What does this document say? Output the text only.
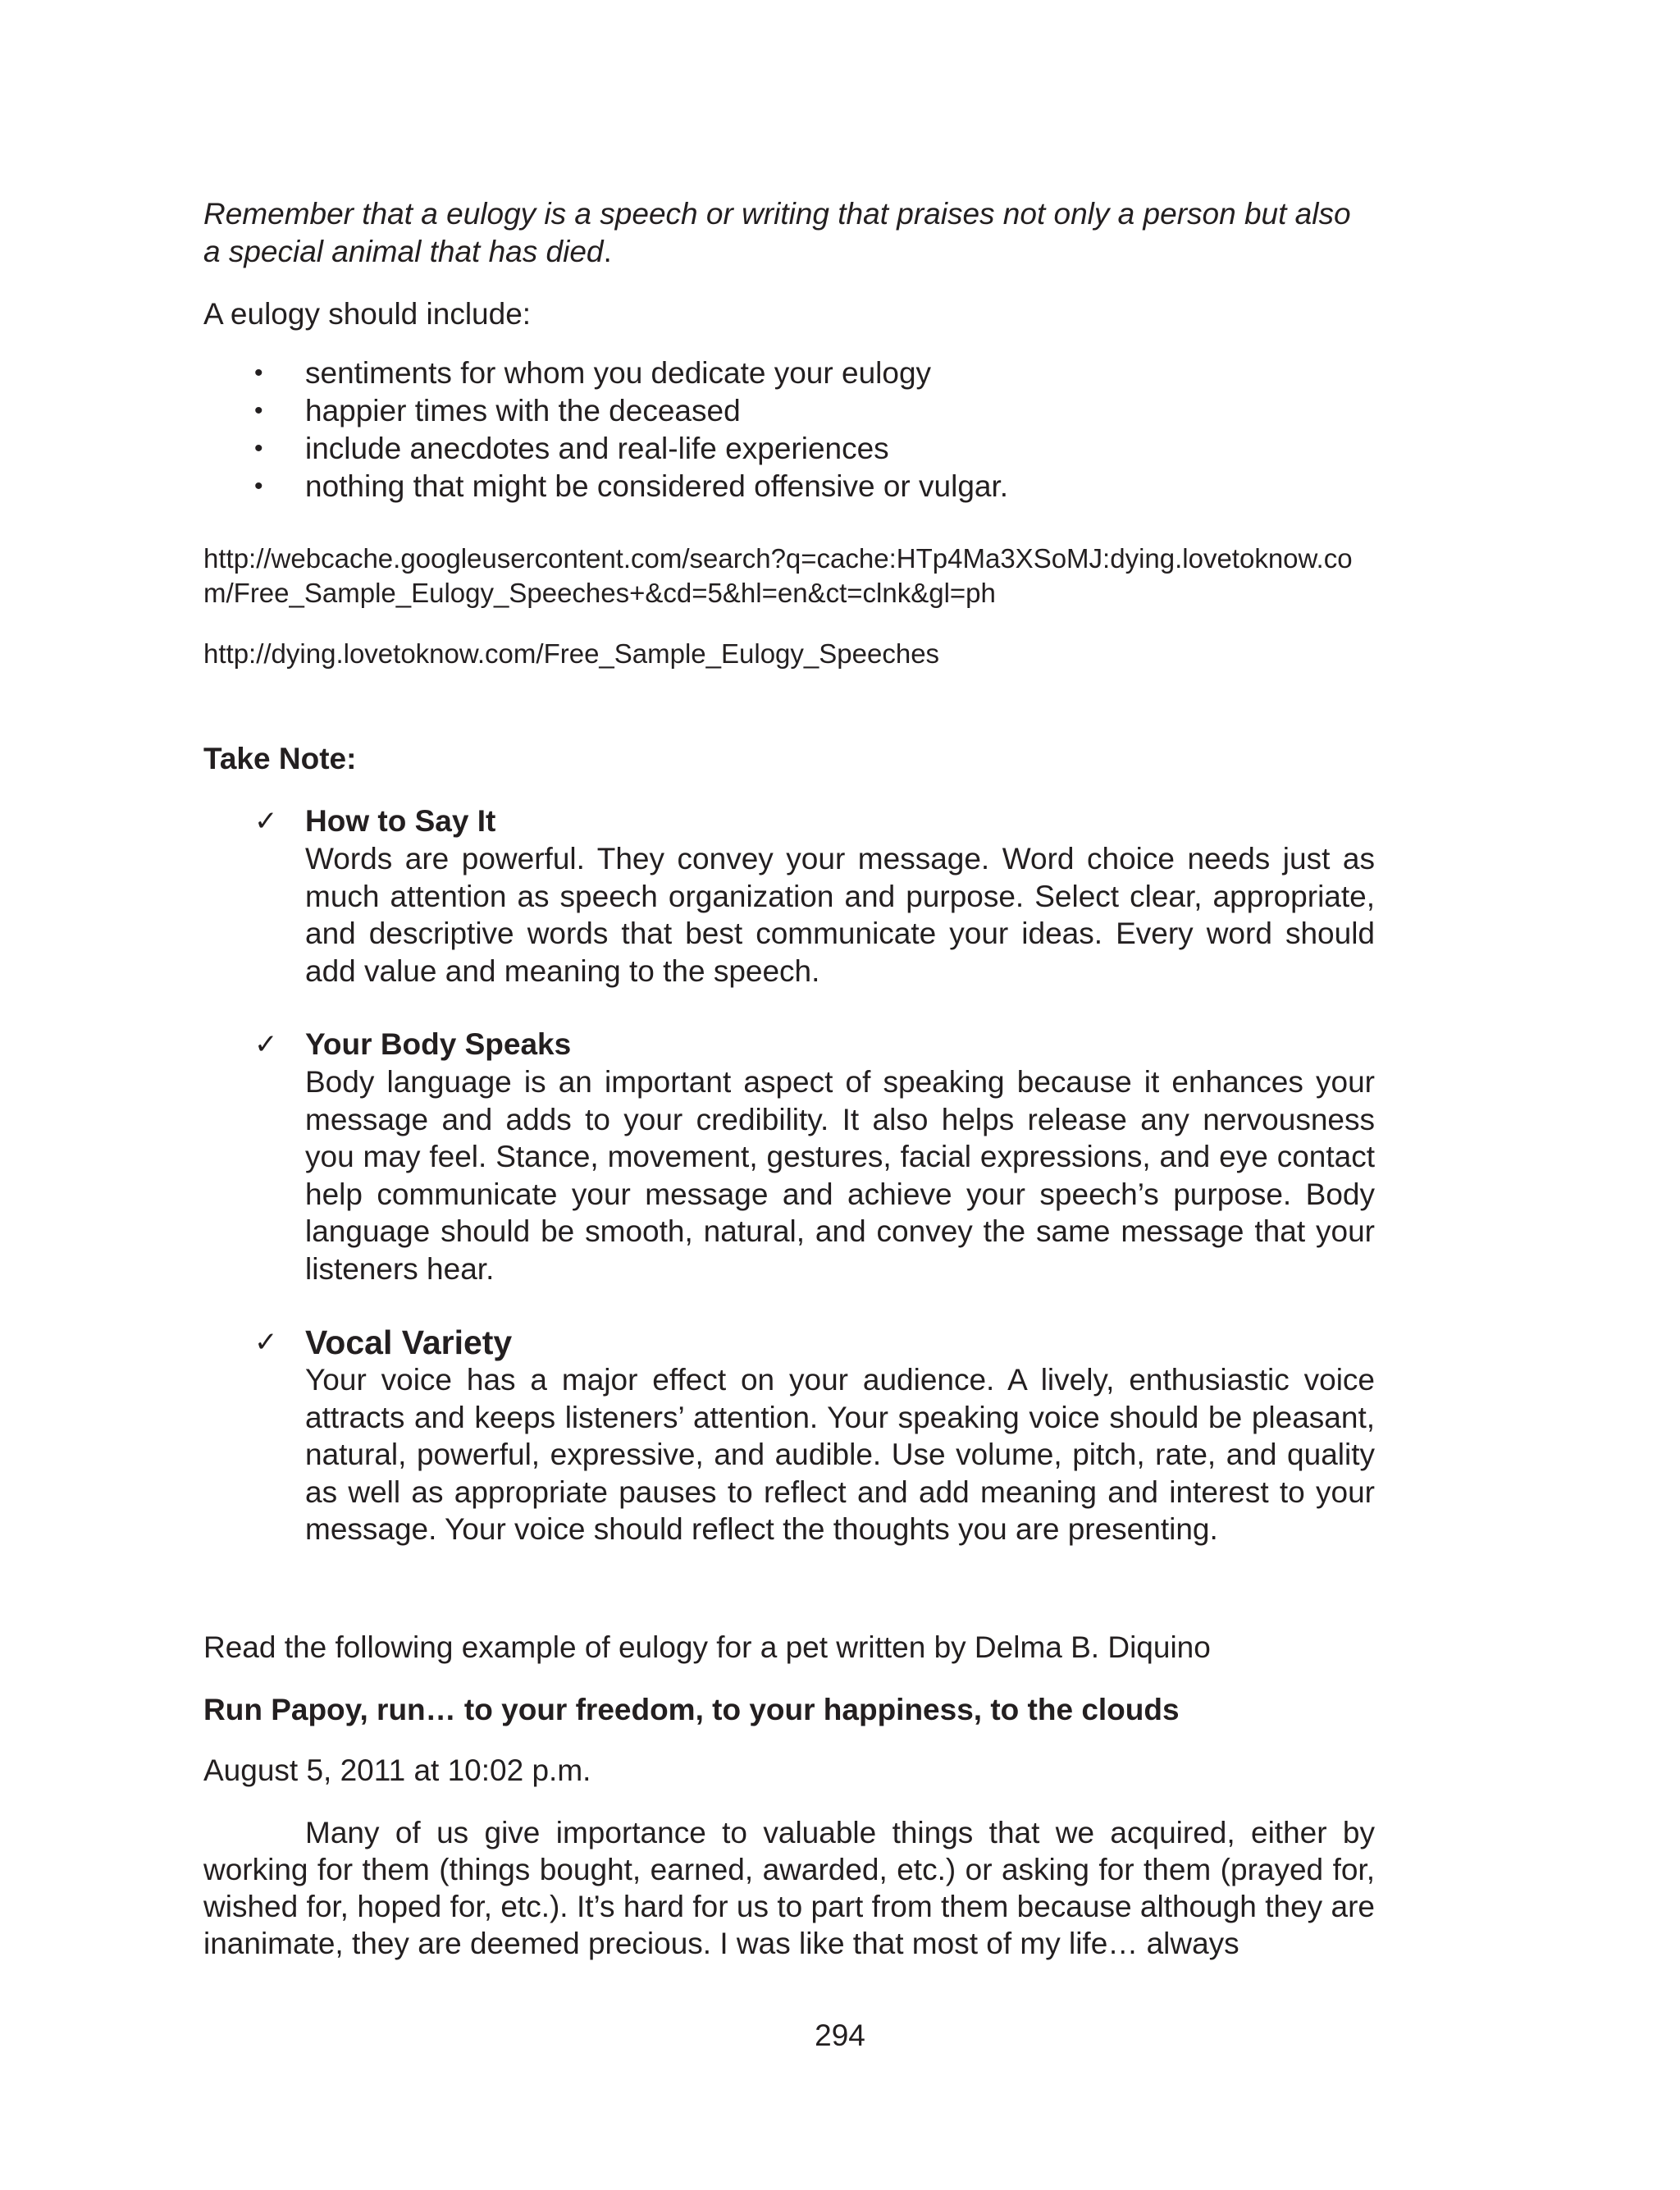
Remember that a eulogy is a speech or writing that praises not only a person but also a special animal that has died.

A eulogy should include:

• sentiments for whom you dedicate your eulogy
• happier times with the deceased
• include anecdotes and real-life experiences
• nothing that might be considered offensive or vulgar.

http://webcache.googleusercontent.com/search?q=cache:HTp4Ma3XSoMJ:dying.lovetoknow.com/Free_Sample_Eulogy_Speeches+&cd=5&hl=en&ct=clnk&gl=ph

http://dying.lovetoknow.com/Free_Sample_Eulogy_Speeches

Take Note:

✓ How to Say It

Words are powerful. They convey your message. Word choice needs just as much attention as speech organization and purpose. Select clear, appropriate, and descriptive words that best communicate your ideas. Every word should add value and meaning to the speech.

✓ Your Body Speaks

Body language is an important aspect of speaking because it enhances your message and adds to your credibility. It also helps release any nervousness you may feel. Stance, movement, gestures, facial expressions, and eye contact help communicate your message and achieve your speech’s purpose. Body language should be smooth, natural, and convey the same message that your listeners hear.

✓ Vocal Variety

Your voice has a major effect on your audience. A lively, enthusiastic voice attracts and keeps listeners’ attention. Your speaking voice should be pleasant, natural, powerful, expressive, and audible. Use volume, pitch, rate, and quality as well as appropriate pauses to reflect and add meaning and interest to your message. Your voice should reflect the thoughts you are presenting.

Read the following example of eulogy for a pet written by Delma B. Diquino

Run Papoy, run… to your freedom, to your happiness, to the clouds

August 5, 2011 at 10:02 p.m.

Many of us give importance to valuable things that we acquired, either by working for them (things bought, earned, awarded, etc.) or asking for them (prayed for, wished for, hoped for, etc.). It’s hard for us to part from them because although they are inanimate, they are deemed precious. I was like that most of my life… always

294
